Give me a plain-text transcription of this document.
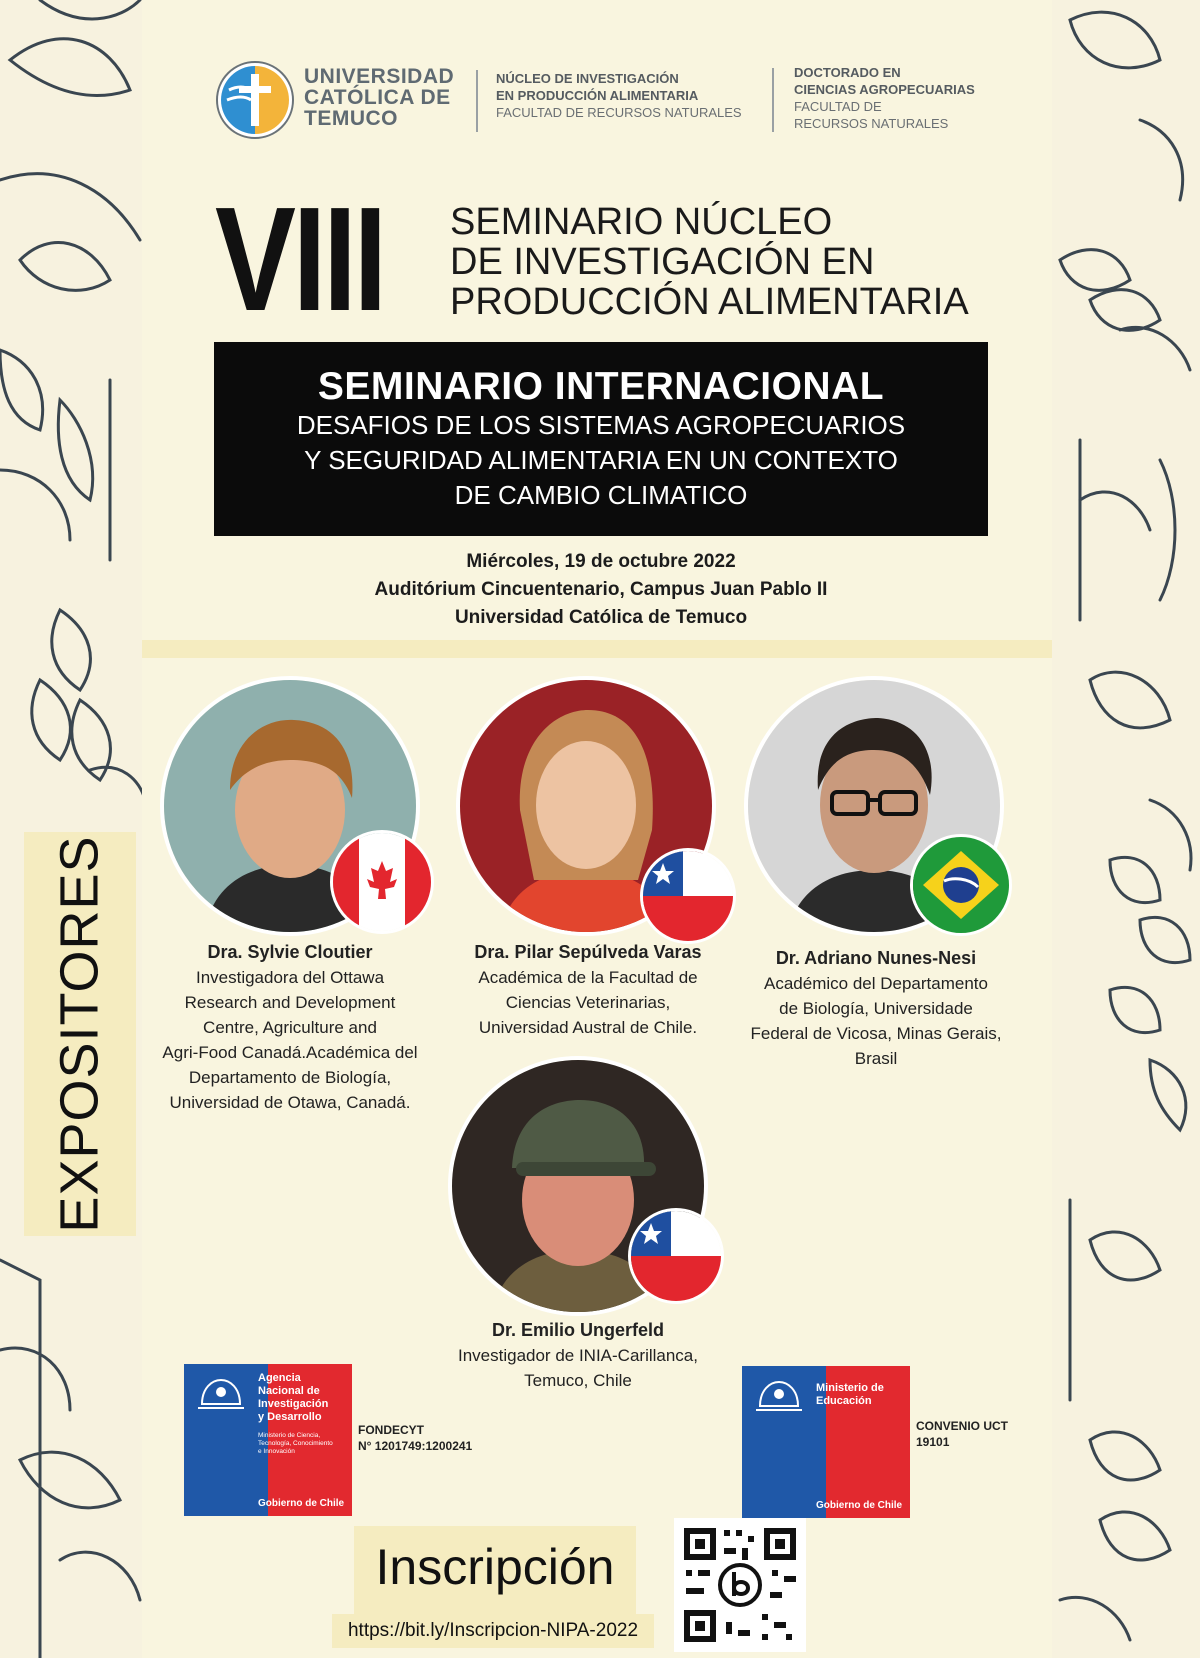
UNIVERSIDAD
CATÓLICA DE
TEMUCO
NÚCLEO DE INVESTIGACIÓN
EN PRODUCCIÓN ALIMENTARIA
FACULTAD DE RECURSOS NATURALES
DOCTORADO EN
CIENCIAS AGROPECUARIAS
FACULTAD DE
RECURSOS NATURALES
VIII SEMINARIO NÚCLEO
DE INVESTIGACIÓN EN
PRODUCCIÓN ALIMENTARIA
SEMINARIO INTERNACIONAL
DESAFIOS DE LOS SISTEMAS AGROPECUARIOS
Y SEGURIDAD ALIMENTARIA EN UN CONTEXTO
DE CAMBIO CLIMATICO
Miércoles, 19 de octubre 2022
Auditórium Cincuentenario, Campus Juan Pablo II
Universidad Católica de Temuco
EXPOSITORES	Dra. Sylvie Cloutier
Investigadora del Ottawa
Research and Development
Centre, Agriculture and
Agri-Food Canadá.Académica del
Departamento de Biología,
Universidad de Otawa, Canadá.
Dra. Pilar Sepúlveda Varas
Académica de la Facultad de
Ciencias Veterinarias,
Universidad Austral de Chile.
Dr. Adriano Nunes-Nesi
Académico del Departamento
de Biología, Universidade
Federal de Vicosa, Minas Gerais,
Brasil
Dr. Emilio Ungerfeld
Investigador de INIA-Carillanca,
Temuco, Chile
Agencia
Nacional de
Investigación
y Desarrollo
Ministerio de Ciencia,
Tecnología, Conocimiento
e Innovación
Gobierno de Chile
FONDECYT
N° 1201749:1200241
Ministerio de
Educación
Gobierno de Chile
CONVENIO UCT
19101
Inscripción
https://bit.ly/Inscripcion-NIPA-2022
